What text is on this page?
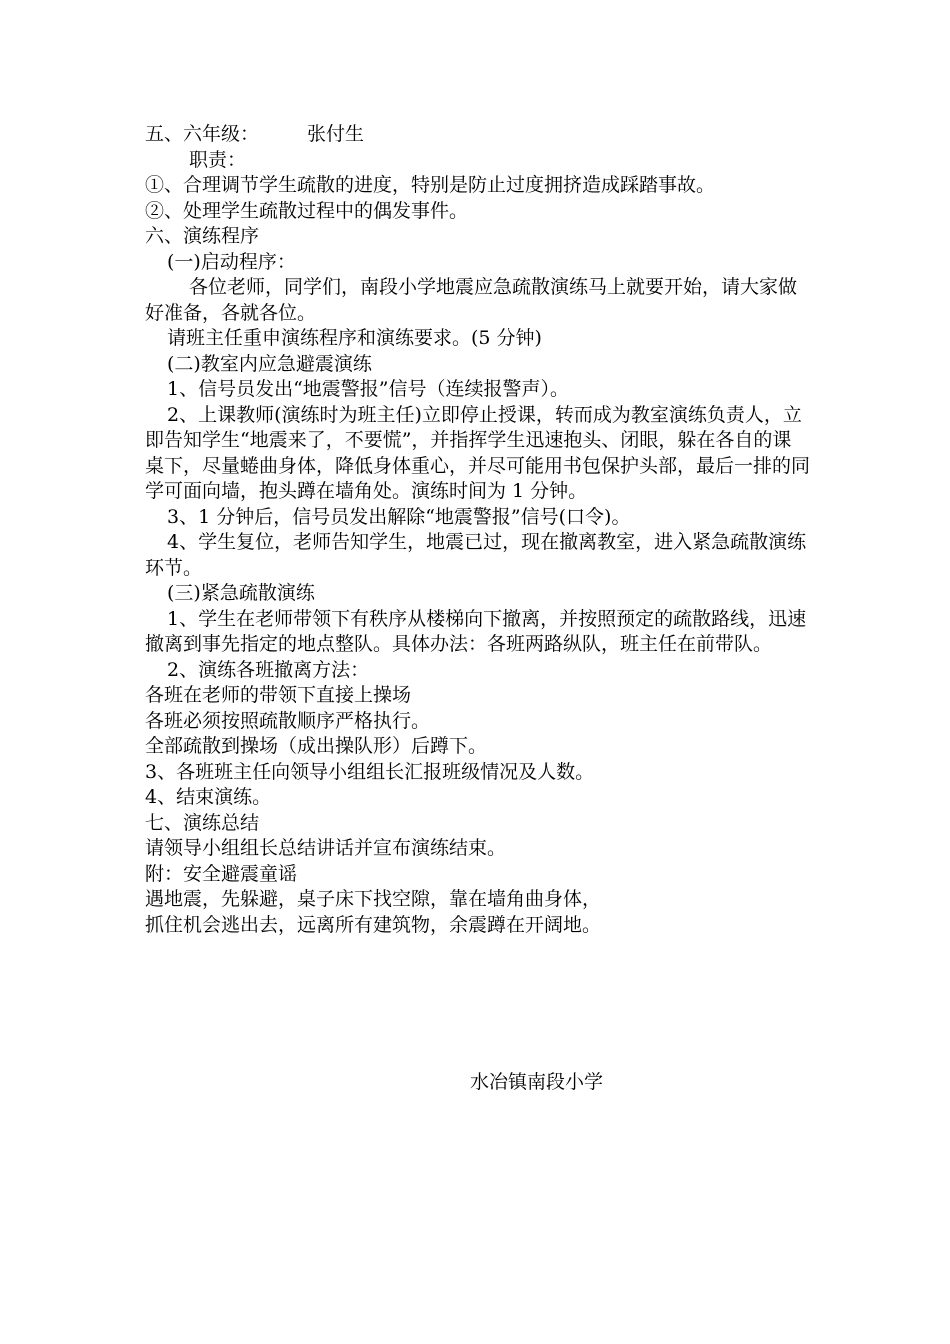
五、六年级：	张付生

职责：

①、合理调节学生疏散的进度，特别是防止过度拥挤造成踩踏事故。

②、处理学生疏散过程中的偶发事件。

六、演练程序

(一)启动程序：

各位老师，同学们，南段小学地震应急疏散演练马上就要开始，请大家做好准备，各就各位。

请班主任重申演练程序和演练要求。(5 分钟)

(二)教室内应急避震演练

1、信号员发出“地震警报”信号（连续报警声）。

2、上课教师(演练时为班主任)立即停止授课，转而成为教室演练负责人，立即告知学生“地震来了，不要慌”，并指挥学生迅速抱头、闭眼，躲在各自的课桌下，尽量蜷曲身体，降低身体重心，并尽可能用书包保护头部，最后一排的同学可面向墙，抱头蹲在墙角处。演练时间为 1 分钟。

3、1 分钟后，信号员发出解除“地震警报”信号(口令)。

4、学生复位，老师告知学生，地震已过，现在撤离教室，进入紧急疏散演练环节。

(三)紧急疏散演练

1、学生在老师带领下有秩序从楼梯向下撤离，并按照预定的疏散路线，迅速撤离到事先指定的地点整队。具体办法：各班两路纵队，班主任在前带队。

2、演练各班撤离方法：

各班在老师的带领下直接上操场

各班必须按照疏散顺序严格执行。

全部疏散到操场（成出操队形）后蹲下。

3、各班班主任向领导小组组长汇报班级情况及人数。

4、结束演练。

七、演练总结

请领导小组组长总结讲话并宣布演练结束。

附：安全避震童谣

遇地震，先躲避，桌子床下找空隙，靠在墙角曲身体，

抓住机会逃出去，远离所有建筑物，余震蹲在开阔地。

水冶镇南段小学
